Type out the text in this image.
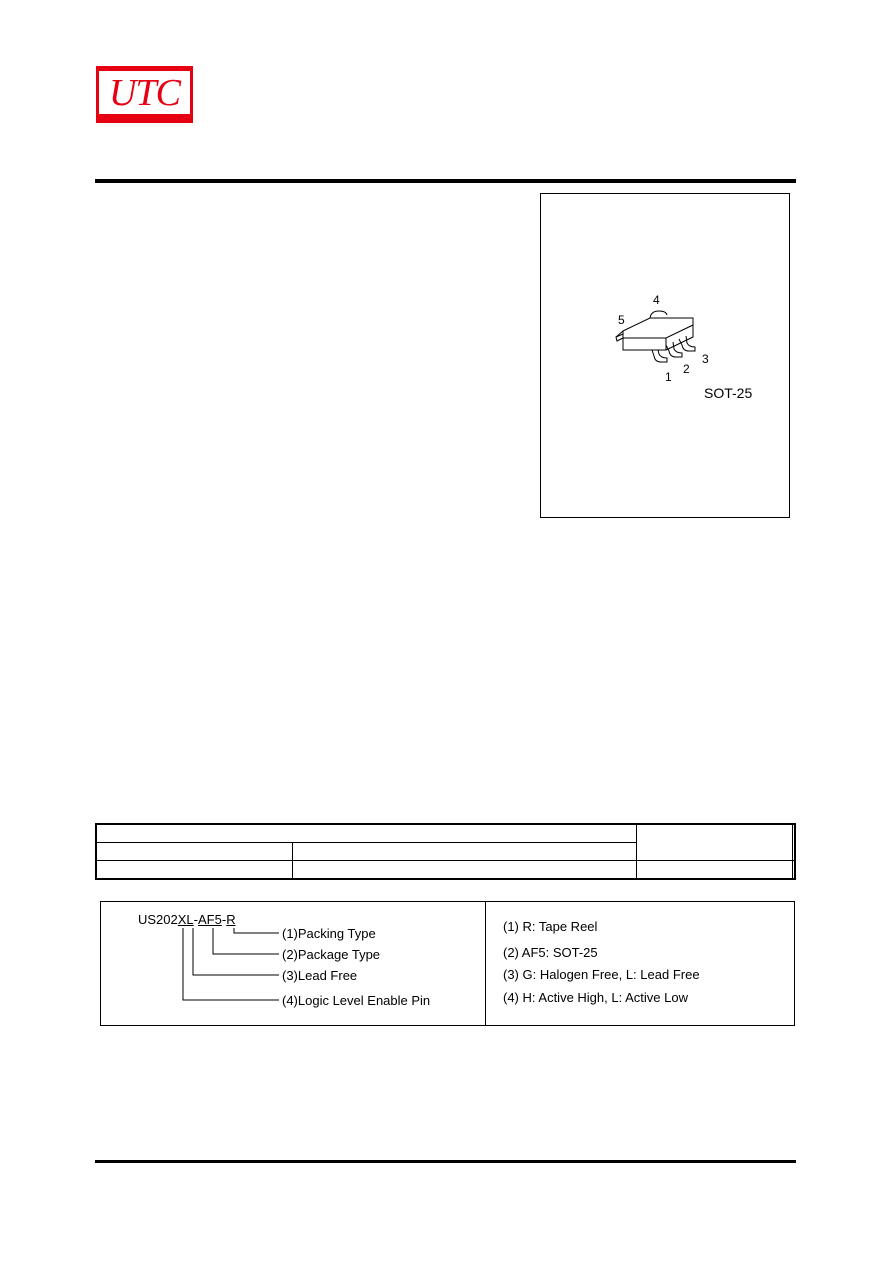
UTC
4
5
1
2
3
SOT-25

US202XL-AF5-R
(1)Packing Type
(2)Package Type
(3)Lead Free
(4)Logic Level Enable Pin
(1) R: Tape Reel
(2) AF5: SOT-25
(3) G: Halogen Free, L: Lead Free
(4) H: Active High, L: Active Low
